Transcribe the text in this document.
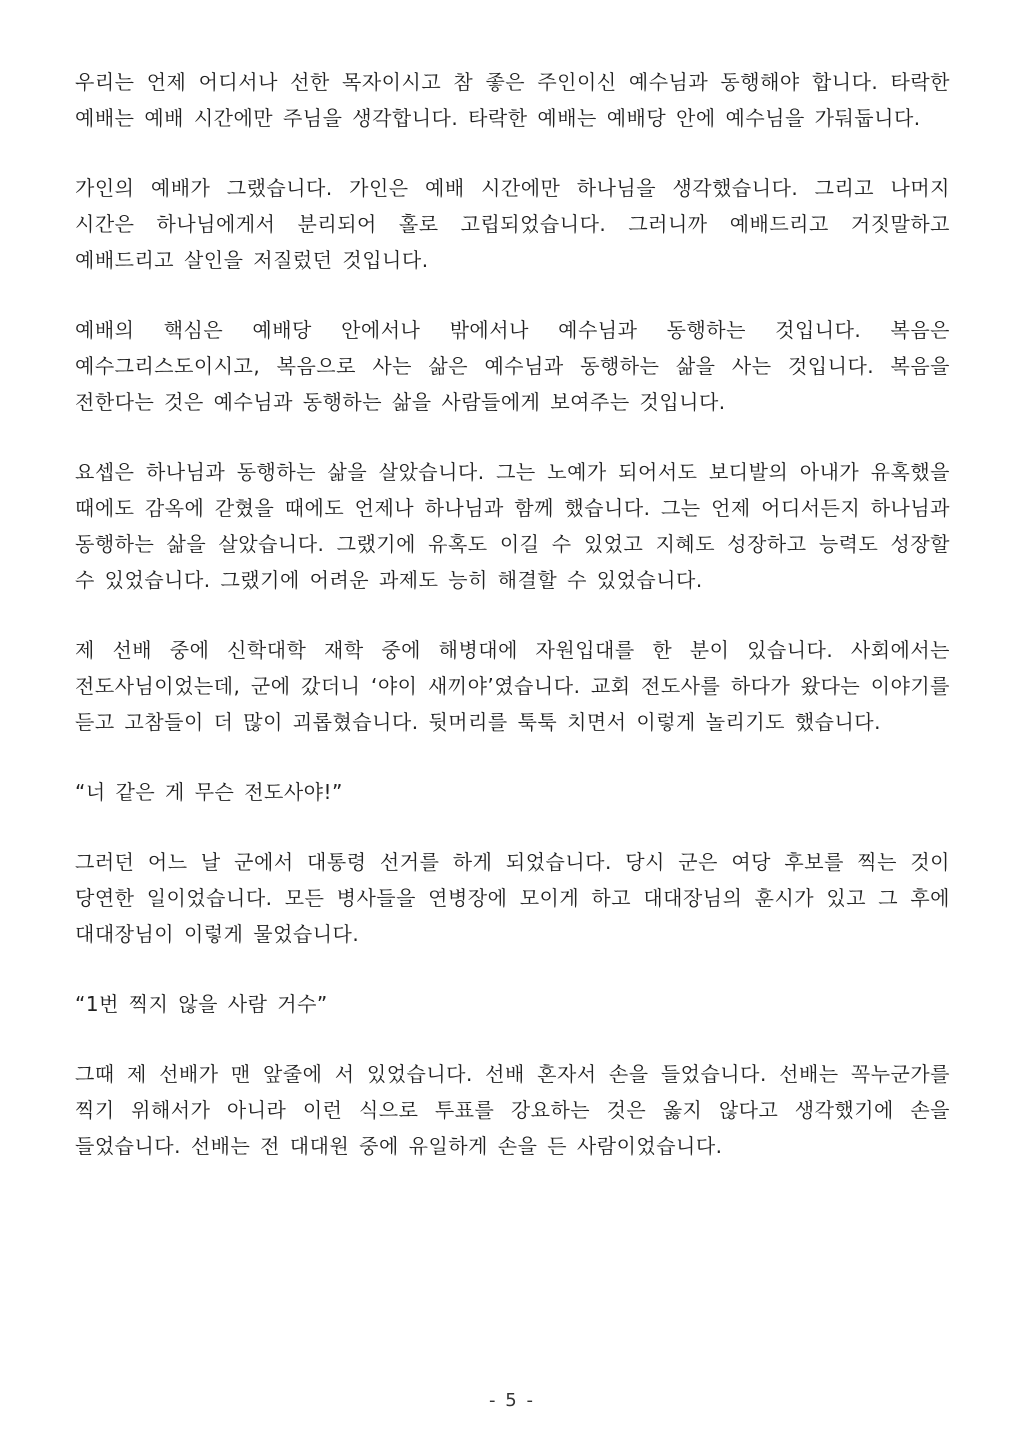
우리는 언제 어디서나 선한 목자이시고 참 좋은 주인이신 예수님과 동행해야 합니다. 타락한 예배는 예배 시간에만 주님을 생각합니다. 타락한 예배는 예배당 안에 예수님을 가둬둡니다.

가인의 예배가 그랬습니다. 가인은 예배 시간에만 하나님을 생각했습니다. 그리고 나머지 시간은 하나님에게서 분리되어 홀로 고립되었습니다. 그러니까 예배드리고 거짓말하고 예배드리고 살인을 저질렀던 것입니다.

예배의 핵심은 예배당 안에서나 밖에서나 예수님과 동행하는 것입니다. 복음은 예수그리스도이시고, 복음으로 사는 삶은 예수님과 동행하는 삶을 사는 것입니다. 복음을 전한다는 것은 예수님과 동행하는 삶을 사람들에게 보여주는 것입니다.

요셉은 하나님과 동행하는 삶을 살았습니다. 그는 노예가 되어서도 보디발의 아내가 유혹했을 때에도 감옥에 갇혔을 때에도 언제나 하나님과 함께 했습니다. 그는 언제 어디서든지 하나님과 동행하는 삶을 살았습니다. 그랬기에 유혹도 이길 수 있었고 지혜도 성장하고 능력도 성장할 수 있었습니다. 그랬기에 어려운 과제도 능히 해결할 수 있었습니다.

제 선배 중에 신학대학 재학 중에 해병대에 자원입대를 한 분이 있습니다. 사회에서는 전도사님이었는데, 군에 갔더니 ‘야이 새끼야’였습니다. 교회 전도사를 하다가 왔다는 이야기를 듣고 고참들이 더 많이 괴롭혔습니다. 뒷머리를 툭툭 치면서 이렇게 놀리기도 했습니다.

“너 같은 게 무슨 전도사야!”

그러던 어느 날 군에서 대통령 선거를 하게 되었습니다. 당시 군은 여당 후보를 찍는 것이 당연한 일이었습니다. 모든 병사들을 연병장에 모이게 하고 대대장님의 훈시가 있고 그 후에 대대장님이 이렇게 물었습니다.

“1번 찍지 않을 사람 거수”

그때 제 선배가 맨 앞줄에 서 있었습니다. 선배 혼자서 손을 들었습니다. 선배는 꼭누군가를 찍기 위해서가 아니라 이런 식으로 투표를 강요하는 것은 옳지 않다고 생각했기에 손을 들었습니다. 선배는 전 대대원 중에 유일하게 손을 든 사람이었습니다.

- 5 -
